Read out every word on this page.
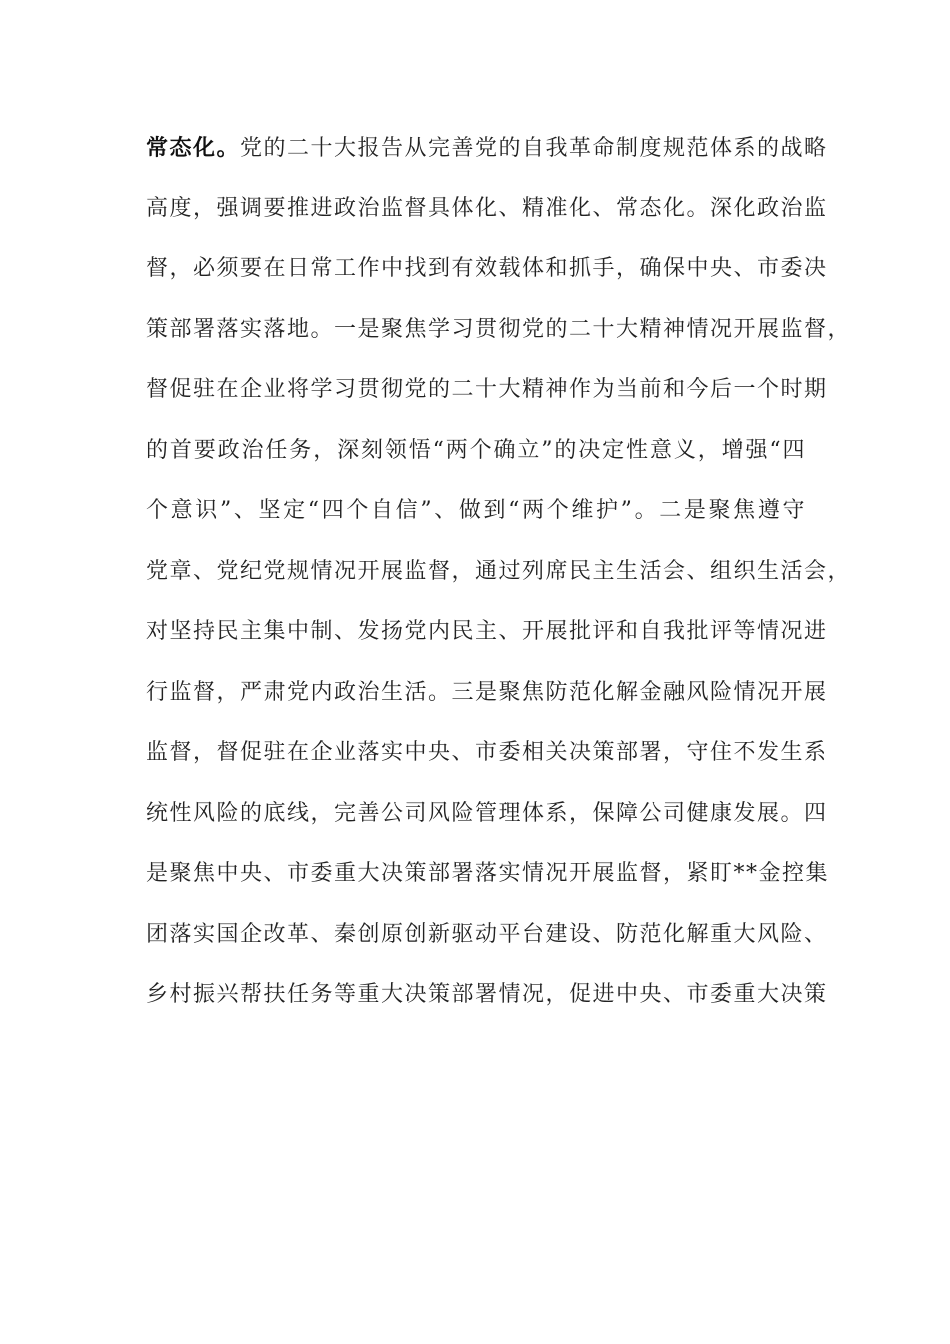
常态化。党的二十大报告从完善党的自我革命制度规范体系的战略
高度，强调要推进政治监督具体化、精准化、常态化。深化政治监
督，必须要在日常工作中找到有效载体和抓手，确保中央、市委决
策部署落实落地。一是聚焦学习贯彻党的二十大精神情况开展监督，
督促驻在企业将学习贯彻党的二十大精神作为当前和今后一个时期
的首要政治任务，深刻领悟“两个确立”的决定性意义，增强“四
个意识”、坚定“四个自信”、做到“两个维护”。二是聚焦遵守
党章、党纪党规情况开展监督，通过列席民主生活会、组织生活会，
对坚持民主集中制、发扬党内民主、开展批评和自我批评等情况进
行监督，严肃党内政治生活。三是聚焦防范化解金融风险情况开展
监督，督促驻在企业落实中央、市委相关决策部署，守住不发生系
统性风险的底线，完善公司风险管理体系，保障公司健康发展。四
是聚焦中央、市委重大决策部署落实情况开展监督，紧盯**金控集
团落实国企改革、秦创原创新驱动平台建设、防范化解重大风险、
乡村振兴帮扶任务等重大决策部署情况，促进中央、市委重大决策
